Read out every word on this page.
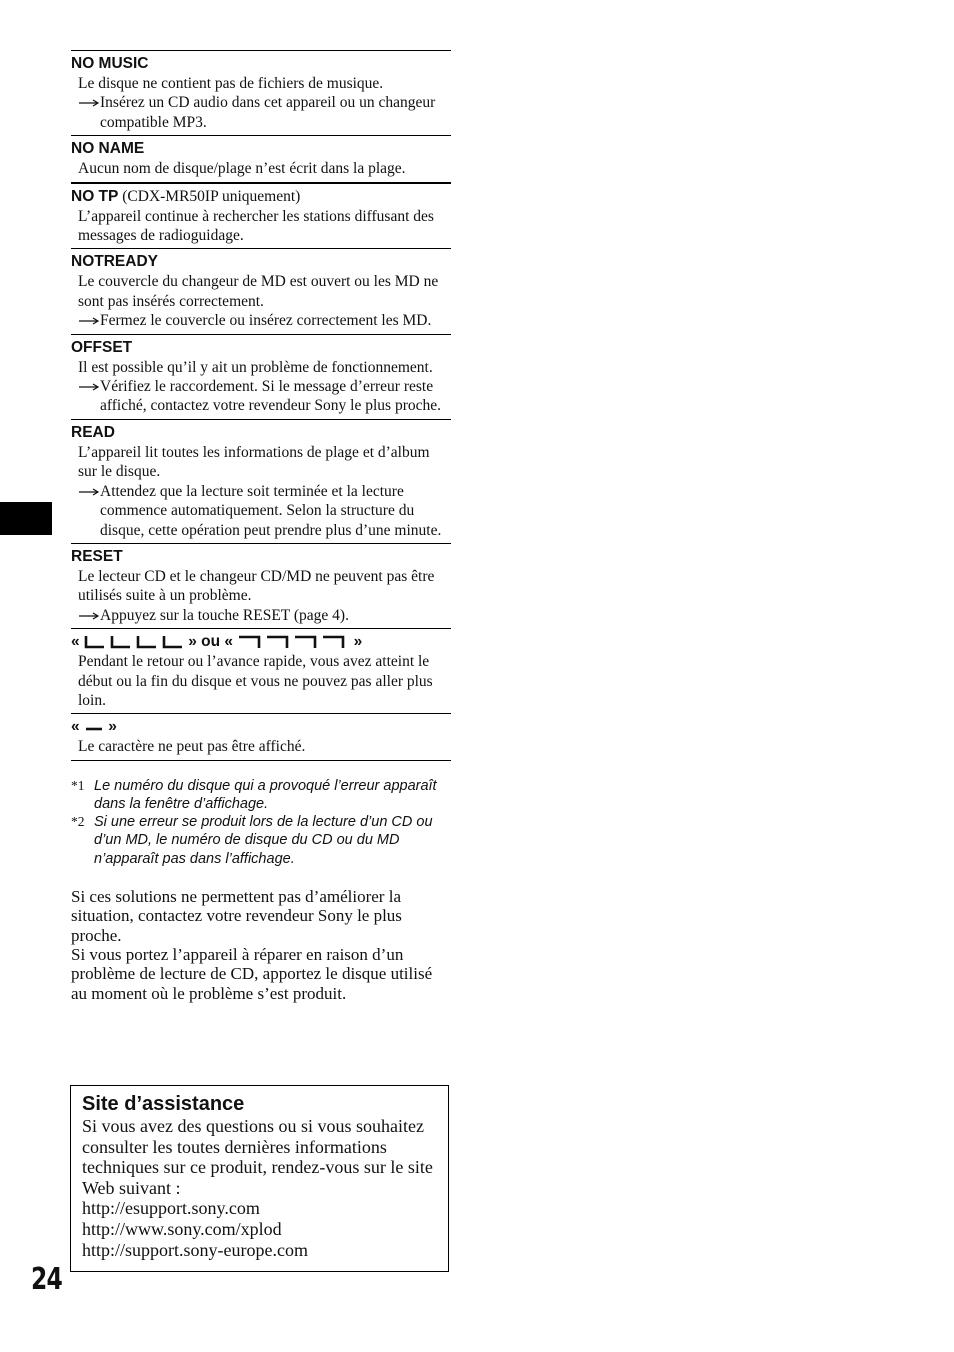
NO MUSIC

Le disque ne contient pas de fichiers de musique.

Insérez un CD audio dans cet appareil ou un changeur compatible MP3.

NO NAME

Aucun nom de disque/plage n’est écrit dans la plage.

NO TP (CDX-MR50IP uniquement)

L’appareil continue à rechercher les stations diffusant des messages de radioguidage.

NOTREADY

Le couvercle du changeur de MD est ouvert ou les MD ne sont pas insérés correctement.

Fermez le couvercle ou insérez correctement les MD.

OFFSET

Il est possible qu’il y ait un problème de fonctionnement.

Vérifiez le raccordement. Si le message d’erreur reste affiché, contactez votre revendeur Sony le plus proche.

READ

L’appareil lit toutes les informations de plage et d’album sur le disque.

Attendez que la lecture soit terminée et la lecture commence automatiquement. Selon la structure du disque, cette opération peut prendre plus d’une minute.

RESET

Le lecteur CD et le changeur CD/MD ne peuvent pas être utilisés suite à un problème.

Appuyez sur la touche RESET (page 4).

«	» ou «	»

Pendant le retour ou l’avance rapide, vous avez atteint le début ou la fin du disque et vous ne pouvez pas aller plus loin.

«  »

Le caractère ne peut pas être affiché.

*1 Le numéro du disque qui a provoqué l’erreur apparaît dans la fenêtre d’affichage.
*2 Si une erreur se produit lors de la lecture d’un CD ou d’un MD, le numéro de disque du CD ou du MD n’apparaît pas dans l’affichage.

Si ces solutions ne permettent pas d’améliorer la situation, contactez votre revendeur Sony le plus proche.

Si vous portez l’appareil à réparer en raison d’un problème de lecture de CD, apportez le disque utilisé au moment où le problème s’est produit.

Site d’assistance

Si vous avez des questions ou si vous souhaitez consulter les toutes dernières informations techniques sur ce produit, rendez-vous sur le site Web suivant :

http://esupport.sony.com

http://www.sony.com/xplod

http://support.sony-europe.com

24
